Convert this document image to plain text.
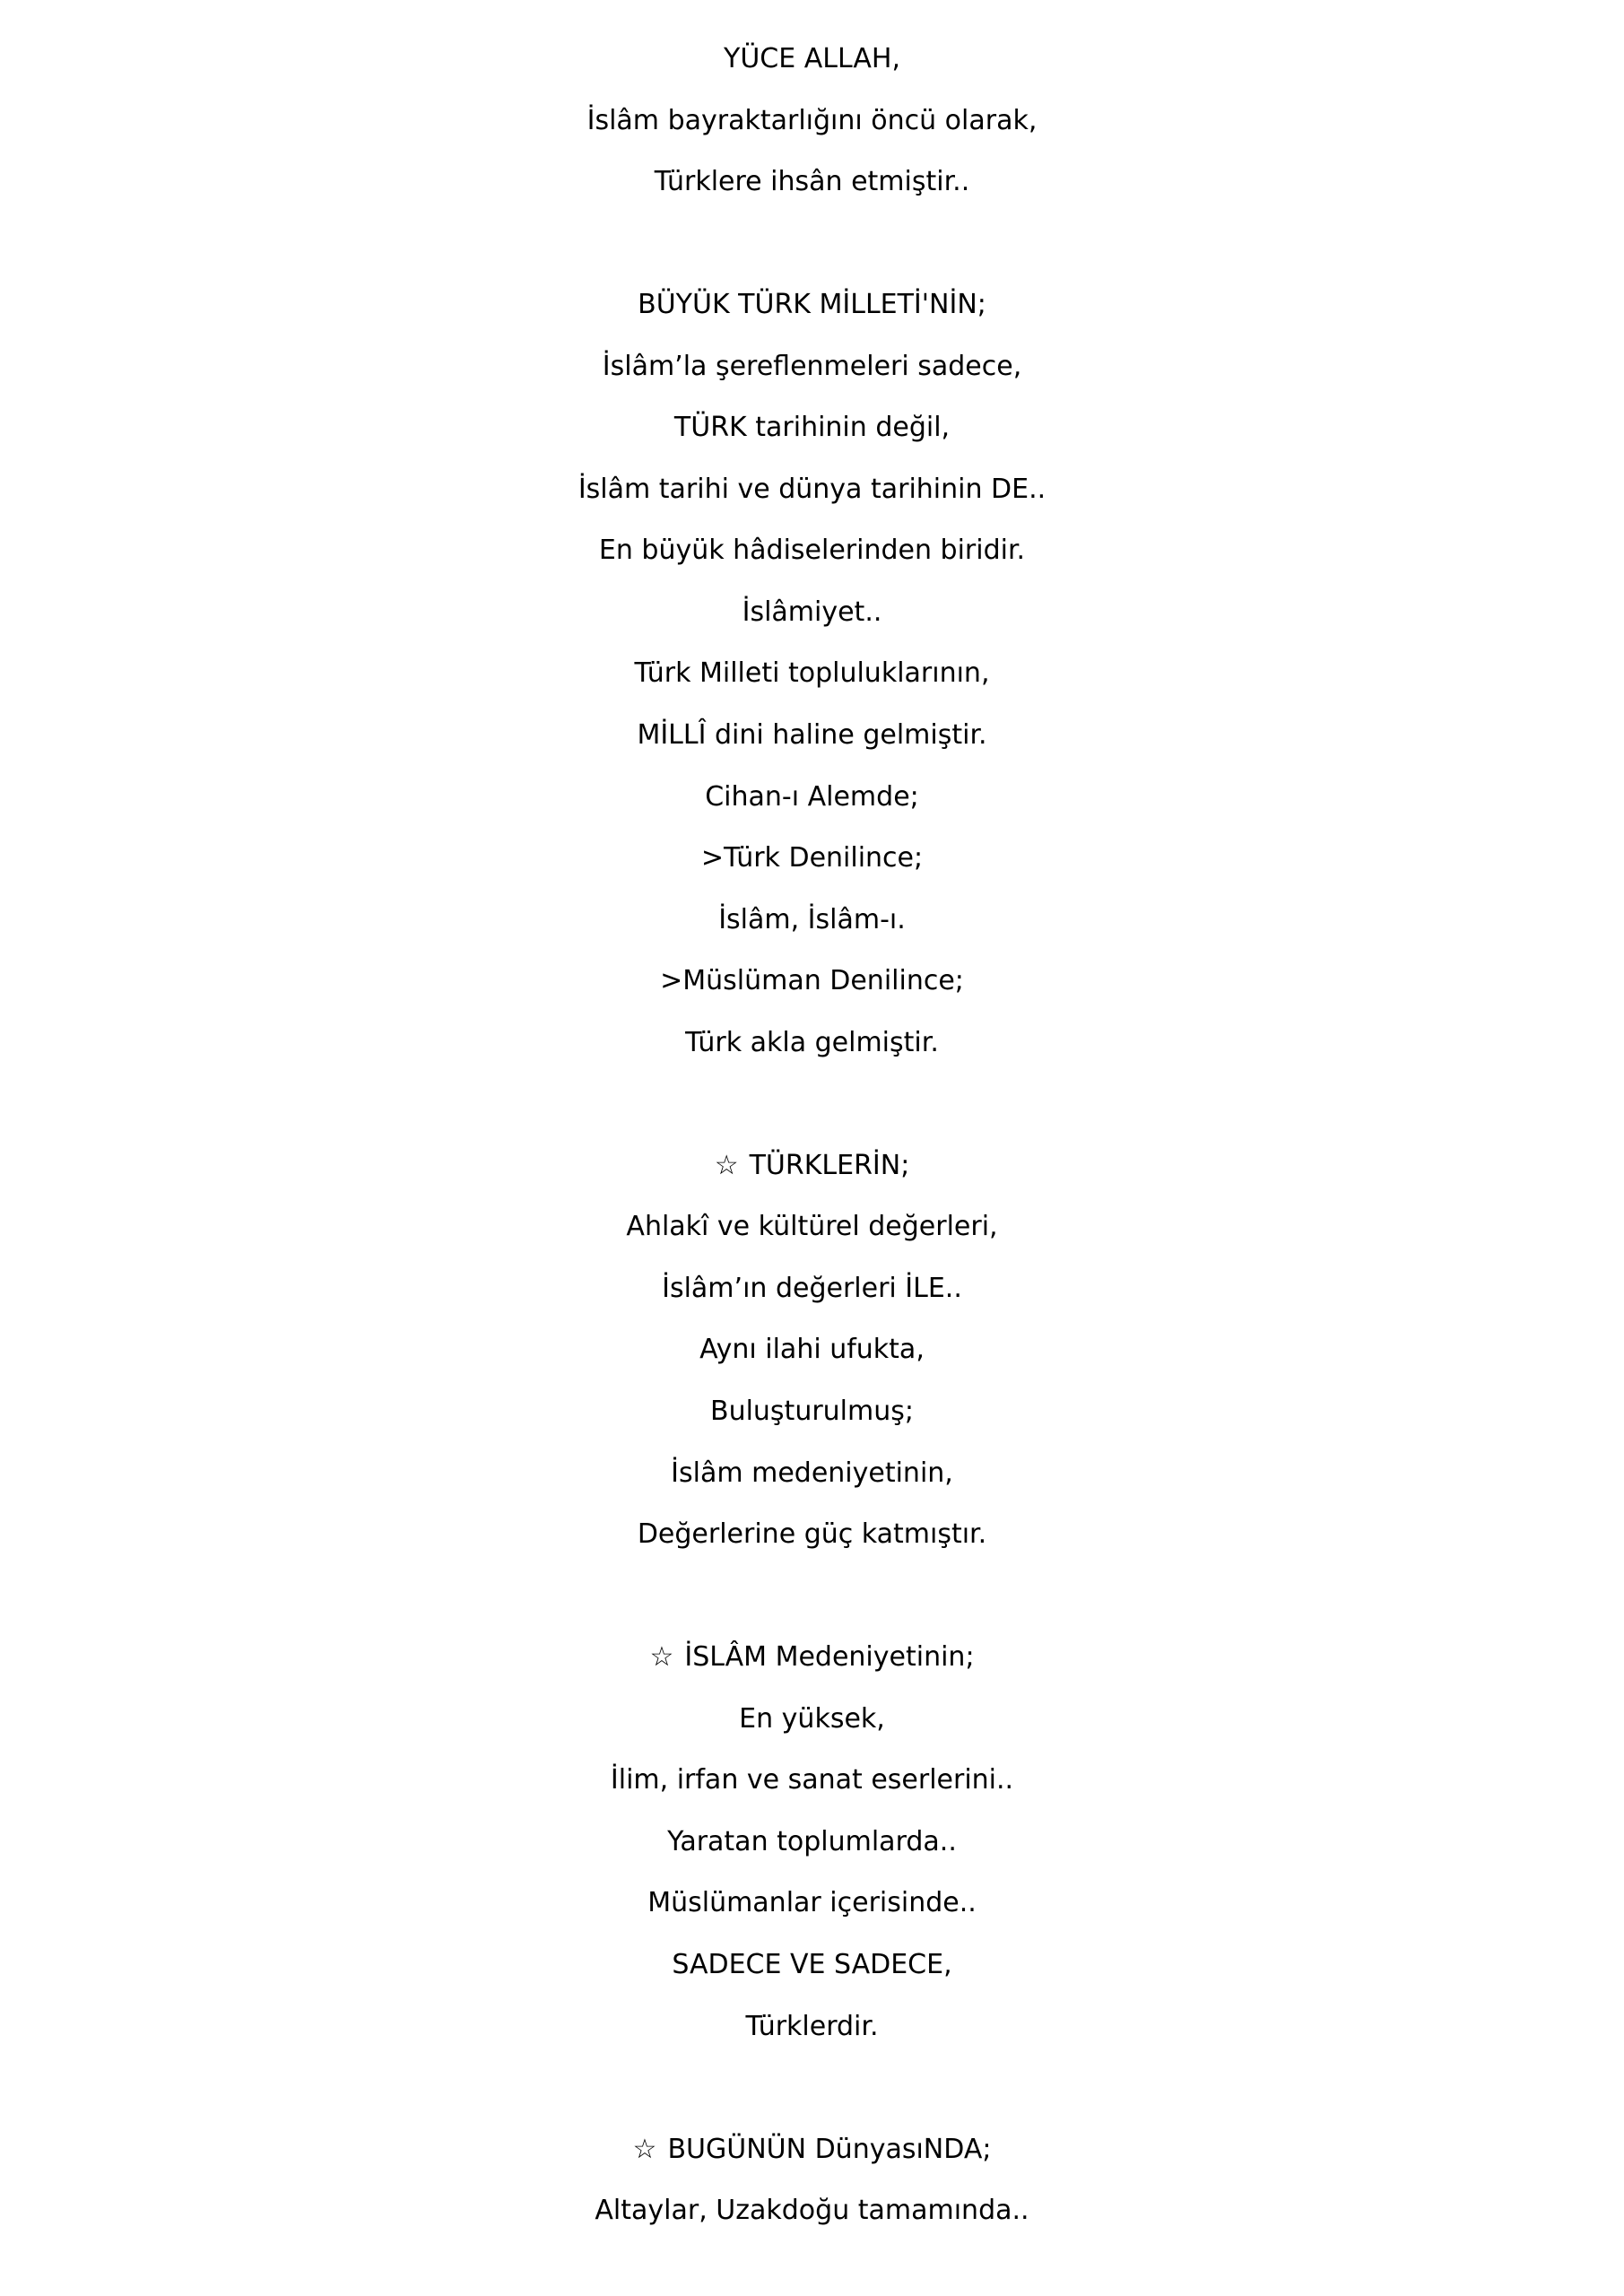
YÜCE ALLAH,
İslâm bayraktarlığını öncü olarak,
Türklere ihsân etmiştir..
BÜYÜK TÜRK MİLLETİ'NİN;
İslâm’la şereflenmeleri sadece,
TÜRK tarihinin değil,
İslâm tarihi ve dünya tarihinin DE..
En büyük hâdiselerinden biridir.
İslâmiyet..
Türk Milleti topluluklarının,
MİLLÎ dini haline gelmiştir.
Cihan-ı Alemde;
>Türk Denilince;
İslâm, İslâm-ı.
>Müslüman Denilince;
Türk akla gelmiştir.
☆ TÜRKLERİN;
Ahlakî ve kültürel değerleri,
İslâm’ın değerleri İLE..
Aynı ilahi ufukta,
Buluşturulmuş;
İslâm medeniyetinin,
Değerlerine güç katmıştır.
☆ İSLÂM Medeniyetinin;
En yüksek,
İlim, irfan ve sanat eserlerini..
Yaratan toplumlarda..
Müslümanlar içerisinde..
SADECE VE SADECE,
Türklerdir.
☆ BUGÜNÜN DünyasıNDA;
Altaylar, Uzakdoğu tamamında..
